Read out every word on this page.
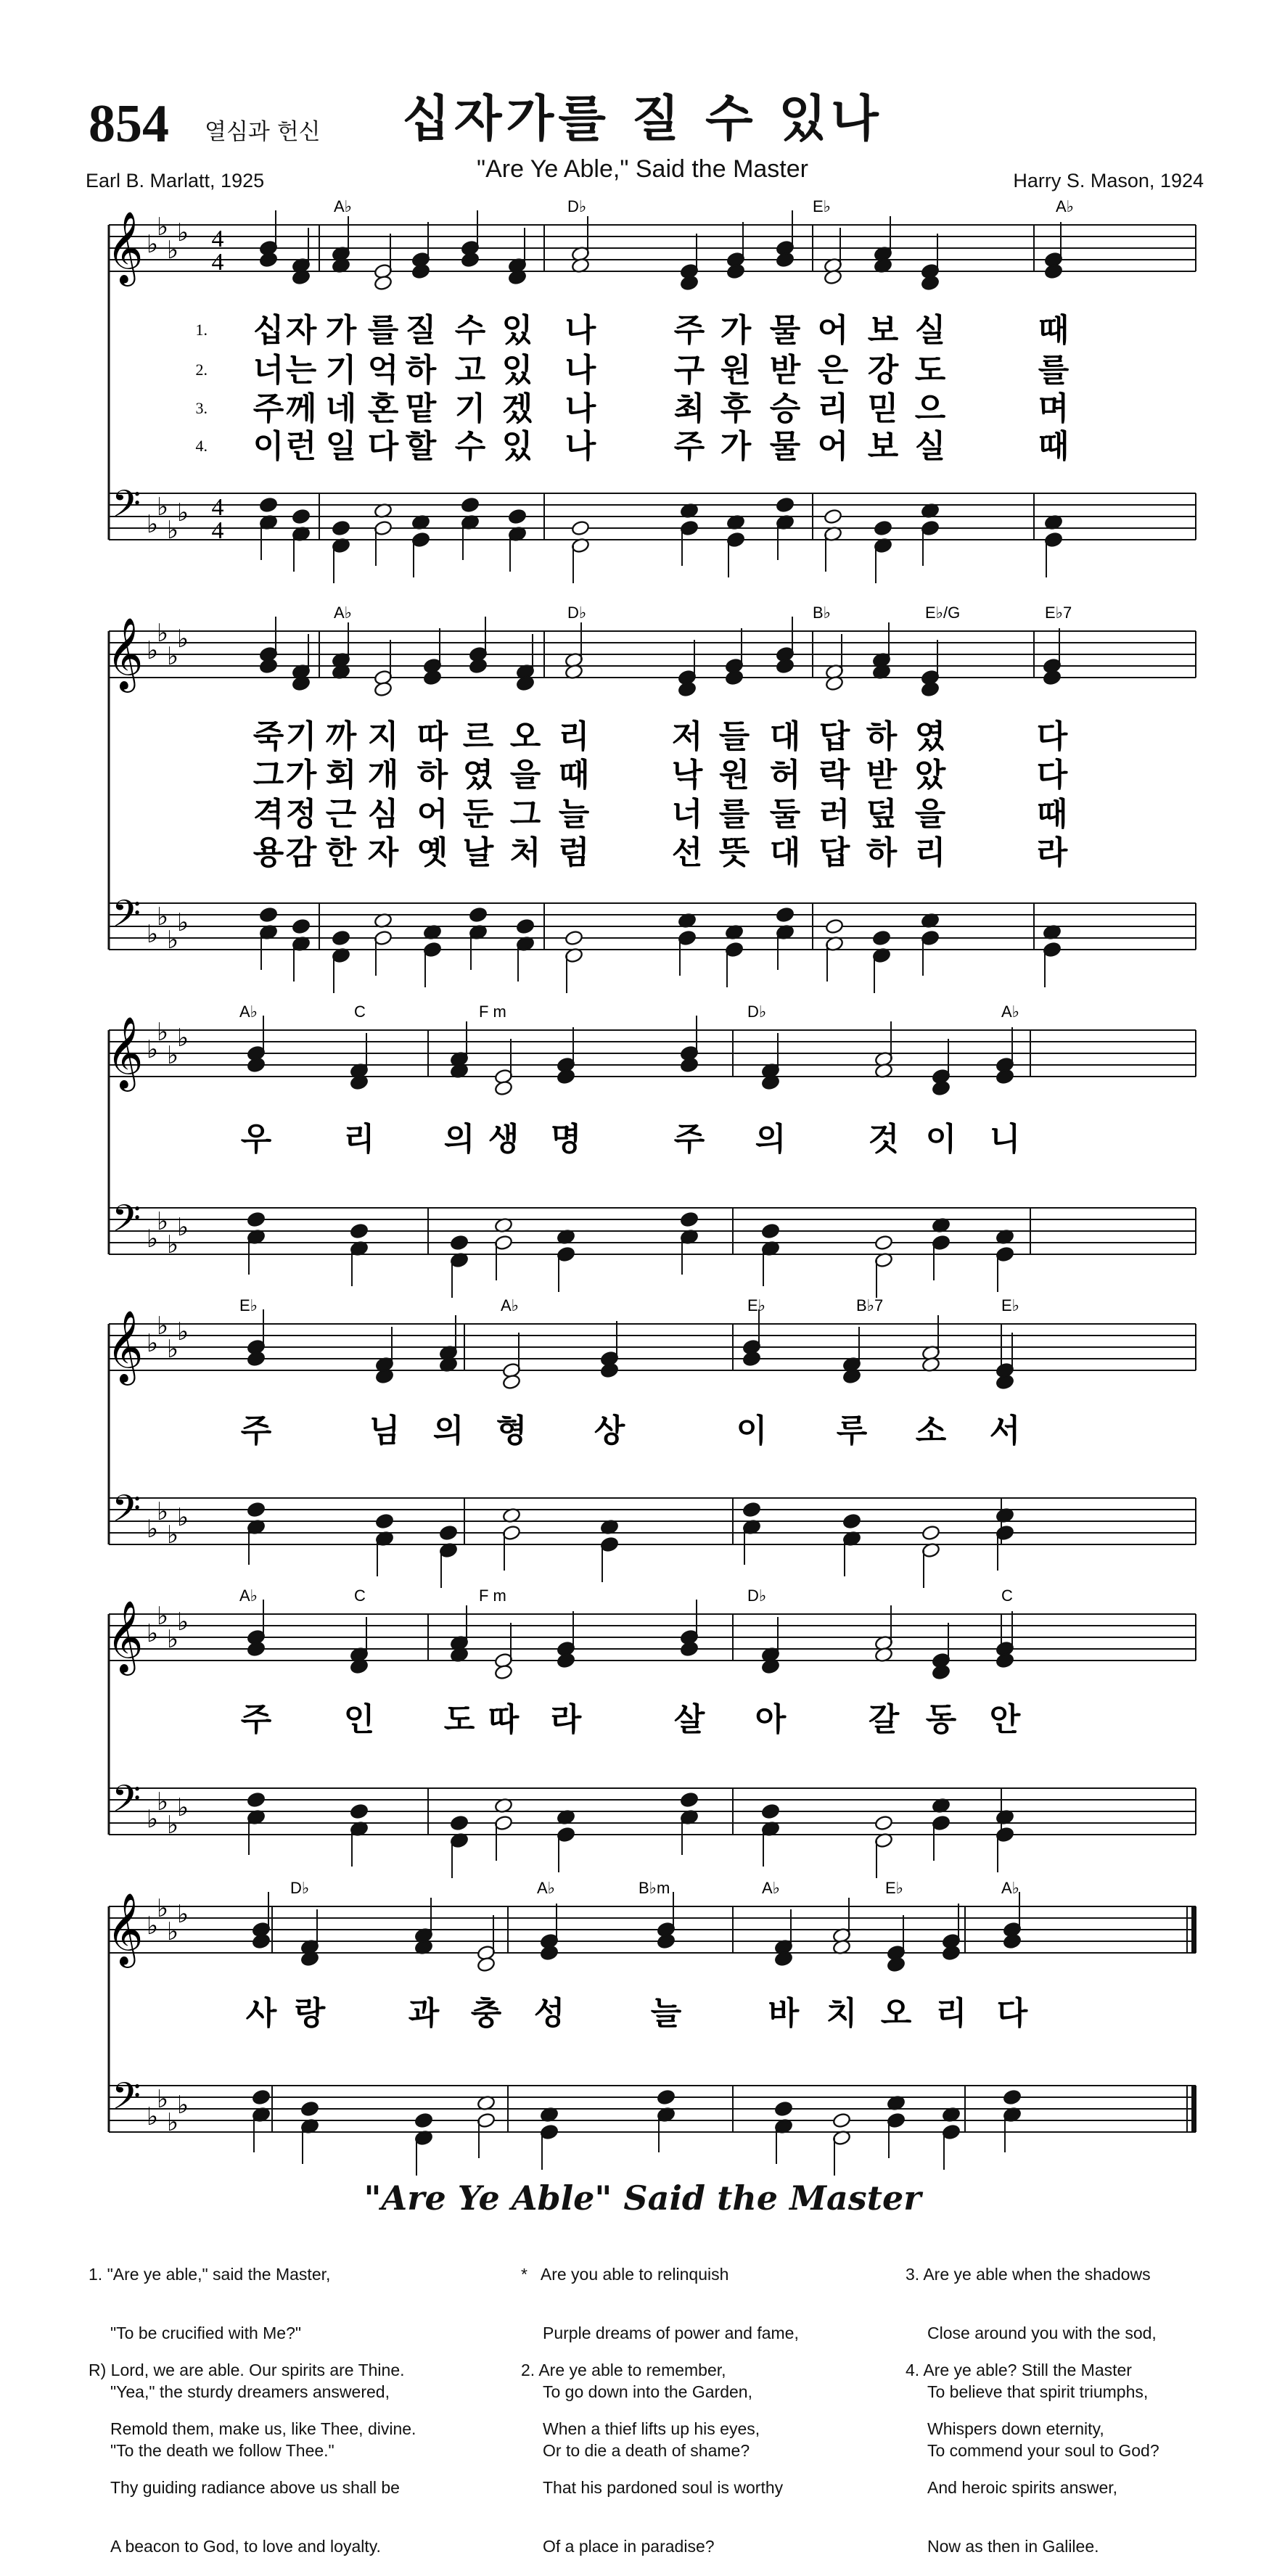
854 열심과 헌신	십자가를 질 수 있나
"Are Ye Able," Said the Master
Earl B. Marlatt, 1925	Harry S. Mason, 1924
𝄞
𝄢
♭
♭
♭
♭
♭
♭
♭
♭
4
4
4
4
A♭	D♭	E♭	A♭
1.
2.
3.
4.
십 자 가 를 질 수 있 나 주 가 물 어 보 실	때
너 는 기 억 하 고 있 나 구 원 받 은 강 도	를
주 께 네 혼 맡 기 겠 나 최 후 승 리 믿 으	며
이 런 일 다 할 수 있 나 주 가 물 어 보 실	때
𝄞
𝄢
♭
♭
♭
♭
♭
♭
♭
♭
A♭	D♭	B♭	E♭/G	E♭7
죽 기 까 지 따 르 오 리	저 들 대 답 하 였	다
그 가 회 개 하 였 을 때	낙 원 허 락 받 았	다
격 정 근 심 어 둔 그 늘	너 를 둘 러 덮 을	때
용 감 한 자 옛 날 처 럼	선 뜻 대 답 하 리	라
𝄞
𝄢
♭
♭
♭
♭
♭
♭
♭
♭
A♭	C	F m	D♭	A♭
우 리 의 생 명	주 의	것 이 니
𝄞
𝄢
♭
♭
♭
♭
♭
♭
♭
♭
E♭	A♭	E♭	B♭7	E♭
주	님 의 형 상	이 루 소 서
𝄞
𝄢
♭
♭
♭
♭
♭
♭
♭
♭
A♭	C	F m	D♭	C
주 인 도 따 라	살 아	갈 동 안
𝄞
𝄢
♭
♭
♭
♭
♭
♭
♭
♭
D♭	A♭	B♭m	A♭	E♭	A♭
사 랑	과 충 성	늘	바 치 오 리 다
"Are Ye Able" Said the Master

1. "Are ye able," said the Master,

"To be crucified with Me?"

"Yea," the sturdy dreamers answered,

"To the death we follow Thee."

R) Lord, we are able. Our spirits are Thine.

Remold them, make us, like Thee, divine.

Thy guiding radiance above us shall be

A beacon to God, to love and loyalty.

* Are you able to relinquish

Purple dreams of power and fame,

To go down into the Garden,

Or to die a death of shame?

2. Are ye able to remember,

When a thief lifts up his eyes,

That his pardoned soul is worthy

Of a place in paradise?

3. Are ye able when the shadows

Close around you with the sod,

To believe that spirit triumphs,

To commend your soul to God?

4. Are ye able? Still the Master

Whispers down eternity,

And heroic spirits answer,

Now as then in Galilee.
